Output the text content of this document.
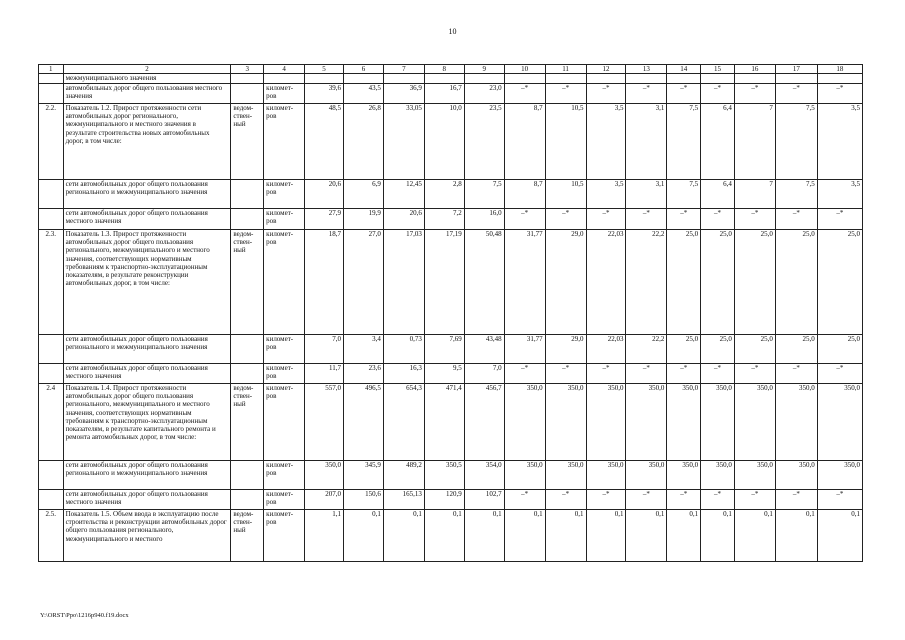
10
1	2	3	4	5	6	7	8	9	10	11	12	13	14	15	16	17	18
	межмуниципального значения																
	автомобильных дорог общего пользования местного значения		километ-ров	39,6	43,5	36,9	16,7	23,0	–*	–*	–*	–*	–*	–*	–*	–*	–*
2.2.	Показатель 1.2. Прирост протяженности сети автомобильных дорог регионального, межмуниципального и местного значения в результате строительства новых автомобильных дорог, в том числе:	ведом-ствен-ный	километ-ров	48,5	26,8	33,05	10,0	23,5	8,7	10,5	3,5	3,1	7,5	6,4	7	7,5	3,5
	сети автомобильных дорог общего пользования регионального и межмуниципального значения		километ-ров	20,6	6,9	12,45	2,8	7,5	8,7	10,5	3,5	3,1	7,5	6,4	7	7,5	3,5
	сети автомобильных дорог общего пользования местного значения		километ-ров	27,9	19,9	20,6	7,2	16,0	–*	–*	–*	–*	–*	–*	–*	–*	–*
2.3.	Показатель 1.3. Прирост протяженности автомобильных дорог общего пользования регионального, межмуниципального и местного значения, соответствующих нормативным требованиям к транспортно-эксплуатационным показателям, в результате реконструкции автомобильных дорог, в том числе:	ведом-ствен-ный	километ-ров	18,7	27,0	17,03	17,19	50,48	31,77	29,0	22,03	22,2	25,0	25,0	25,0	25,0	25,0
	сети автомобильных дорог общего пользования регионального и межмуниципального значения		километ-ров	7,0	3,4	0,73	7,69	43,48	31,77	29,0	22,03	22,2	25,0	25,0	25,0	25,0	25,0
	сети автомобильных дорог общего пользования местного значения		километ-ров	11,7	23,6	16,3	9,5	7,0	–*	–*	–*	–*	–*	–*	–*	–*	–*
2.4	Показатель 1.4. Прирост протяженности автомобильных дорог общего пользования регионального, межмуниципального и местного значения, соответствующих нормативным требованиям к транспортно-эксплуатационным показателям, в результате капитального ремонта и ремонта автомобильных дорог, в том числе:	ведом-ствен-ный	километ-ров	557,0	496,5	654,3	471,4	456,7	350,0	350,0	350,0	350,0	350,0	350,0	350,0	350,0	350,0
	сети автомобильных дорог общего пользования регионального и межмуниципального значения		километ-ров	350,0	345,9	489,2	350,5	354,0	350,0	350,0	350,0	350,0	350,0	350,0	350,0	350,0	350,0
	сети автомобильных дорог общего пользования местного значения		километ-ров	207,0	150,6	165,13	120,9	102,7	–*	–*	–*	–*	–*	–*	–*	–*	–*
2.5.	Показатель 1.5. Объем ввода в эксплуатацию после строительства и реконструкции автомобильных дорог общего пользования регионального, межмуниципального и местного	ведом-ствен-ный	километ-ров	1,1	0,1	0,1	0,1	0,1	0,1	0,1	0,1	0,1	0,1	0,1	0,1	0,1	0,1
Y:\ORST\Ppo\1216p940.f19.docx
